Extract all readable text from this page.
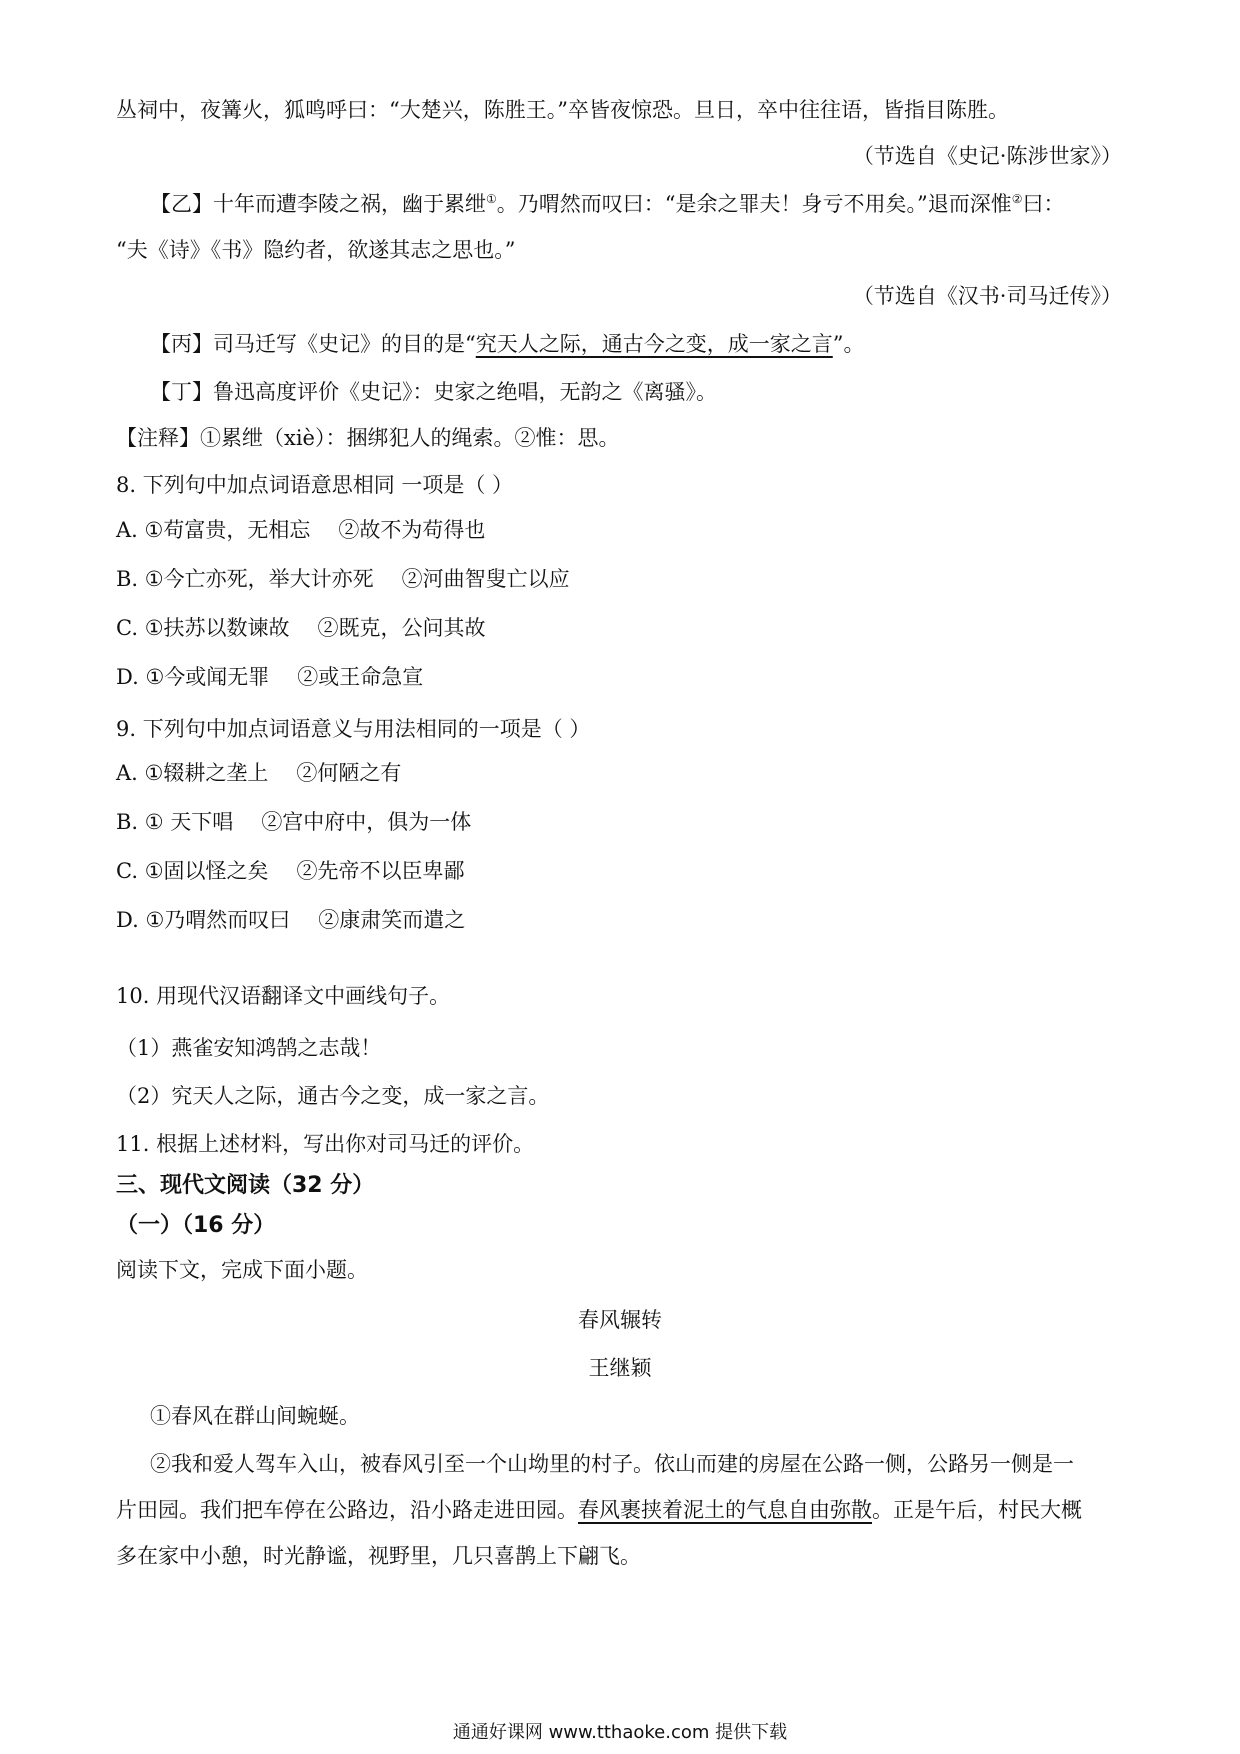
丛祠中，夜篝火，狐鸣呼曰：“大楚兴，陈胜王。”卒皆夜惊恐。旦日，卒中往往语，皆指目陈胜。
（节选自《史记·陈涉世家》）
【乙】十年而遭李陵之祸，幽于累绁①。乃喟然而叹曰：“是余之罪夫！身亏不用矣。”退而深惟②曰：
“夫《诗》《书》隐约者，欲遂其志之思也。”
（节选自《汉书·司马迁传》）
【丙】司马迁写《史记》的目的是“究天人之际，通古今之变，成一家之言”。
【丁】鲁迅高度评价《史记》：史家之绝唱，无韵之《离骚》。
【注释】①累绁（xiè）：捆绑犯人的绳索。②惟：思。
8. 下列句中加点词语意思相同 一项是（ ）
A. ①苟富贵，无相忘 ②故不为苟得也
B. ①今亡亦死，举大计亦死 ②河曲智叟亡以应
C. ①扶苏以数谏故 ②既克，公问其故
D. ①今或闻无罪 ②或王命急宣
9. 下列句中加点词语意义与用法相同的一项是（ ）
A. ①辍耕之垄上 ②何陋之有
B. ① 天下唱 ②宫中府中，俱为一体
C. ①固以怪之矣 ②先帝不以臣卑鄙
D. ①乃喟然而叹曰 ②康肃笑而遣之
10. 用现代汉语翻译文中画线句子。
（1）燕雀安知鸿鹄之志哉！
（2）究天人之际，通古今之变，成一家之言。
11. 根据上述材料，写出你对司马迁的评价。
三、现代文阅读（32 分）
（一）（16 分）
阅读下文，完成下面小题。
春风辗转
王继颖
①春风在群山间蜿蜒。
②我和爱人驾车入山，被春风引至一个山坳里的村子。依山而建的房屋在公路一侧，公路另一侧是一
片田园。我们把车停在公路边，沿小路走进田园。春风裹挟着泥土的气息自由弥散。正是午后，村民大概
多在家中小憩，时光静谧，视野里，几只喜鹊上下翩飞。
通通好课网 www.tthaoke.com 提供下载
